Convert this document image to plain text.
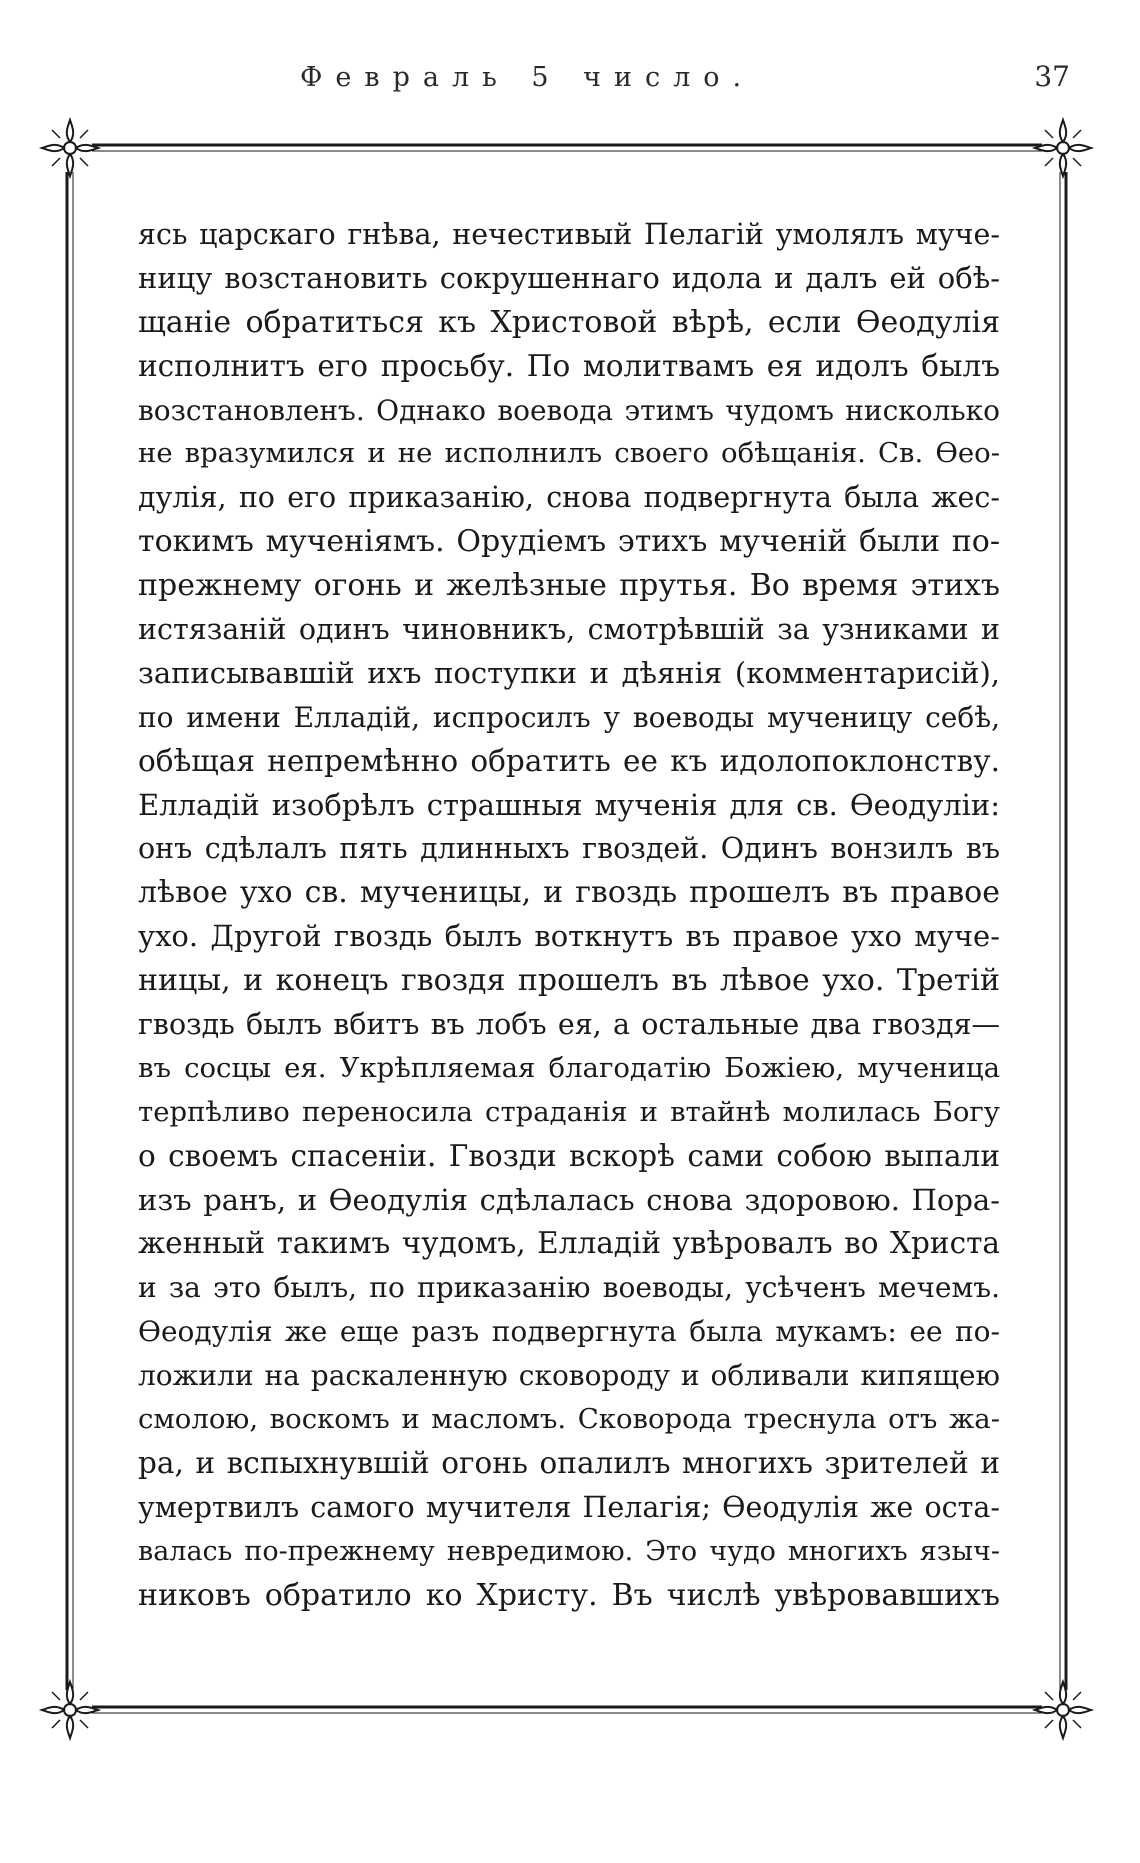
Февраль 5 число.	37
ясь царскаго гнѣва, нечестивый Пелагій умолялъ муче-
ницу возстановить сокрушеннаго идола и далъ ей обѣ-
щаніе обратиться къ Христовой вѣрѣ, если Ѳеодулія
исполнитъ его просьбу. По молитвамъ ея идолъ былъ
возстановленъ. Однако воевода этимъ чудомъ нисколько
не вразумился и не исполнилъ своего обѣщанія. Св. Ѳео-
дулія, по его приказанію, снова подвергнута была жес-
токимъ мученіямъ. Орудіемъ этихъ мученій были по-
прежнему огонь и желѣзные прутья. Во время этихъ
истязаній одинъ чиновникъ, смотрѣвшій за узниками и
записывавшій ихъ поступки и дѣянія (комментарисій),
по имени Елладій, испросилъ у воеводы мученицу себѣ,
обѣщая непремѣнно обратить ее къ идолопоклонству.
Елладій изобрѣлъ страшныя мученія для св. Ѳеодуліи:
онъ сдѣлалъ пять длинныхъ гвоздей. Одинъ вонзилъ въ
лѣвое ухо св. мученицы, и гвоздь прошелъ въ правое
ухо. Другой гвоздь былъ воткнутъ въ правое ухо муче-
ницы, и конецъ гвоздя прошелъ въ лѣвое ухо. Третій
гвоздь былъ вбитъ въ лобъ ея, а остальные два гвоздя—
въ сосцы ея. Укрѣпляемая благодатію Божіею, мученица
терпѣливо переносила страданія и втайнѣ молилась Богу
о своемъ спасеніи. Гвозди вскорѣ сами собою выпали
изъ ранъ, и Ѳеодулія сдѣлалась снова здоровою. Пора-
женный такимъ чудомъ, Елладій увѣровалъ во Христа
и за это былъ, по приказанію воеводы, усѣченъ мечемъ.
Ѳеодулія же еще разъ подвергнута была мукамъ: ее по-
ложили на раскаленную сковороду и обливали кипящею
смолою, воскомъ и масломъ. Сковорода треснула отъ жа-
ра, и вспыхнувшій огонь опалилъ многихъ зрителей и
умертвилъ самого мучителя Пелагія; Ѳеодулія же оста-
валась по-прежнему невредимою. Это чудо многихъ языч-
никовъ обратило ко Христу. Въ числѣ увѣровавшихъ
